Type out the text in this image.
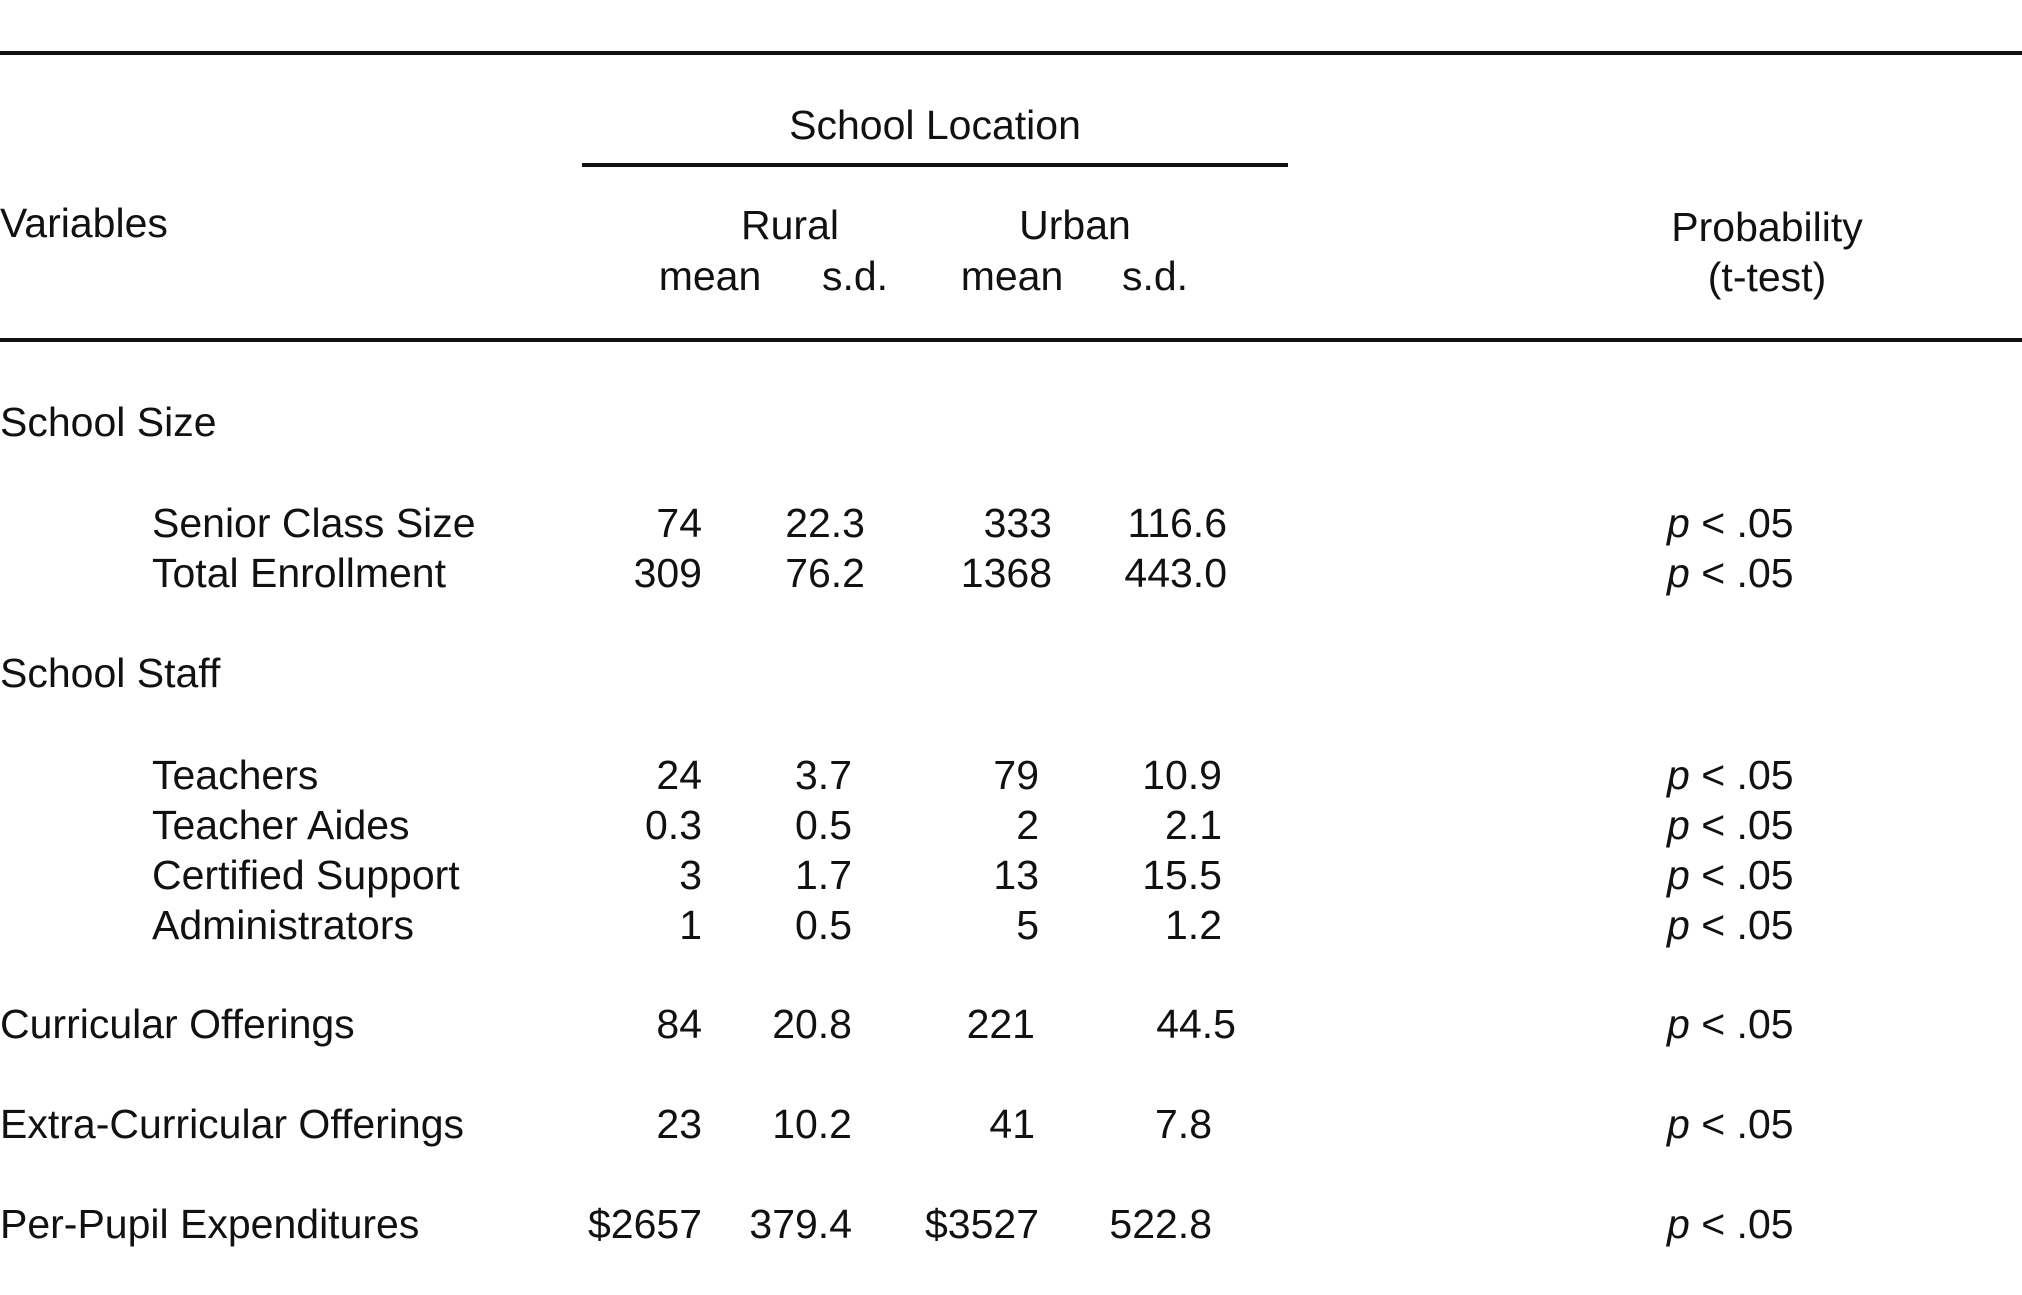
School Location
Variables	Rural	Urban
mean s.d. mean s.d.
Probability
(t-test)
School Size
Senior Class Size	74 22.3	333 116.6	p < .05
Total Enrollment	309 76.2 1368 443.0	p < .05
School Staff
Teachers	24 3.7	79	10.9	p < .05
Teacher Aides	0.3 0.5	2	2.1	p < .05
Certified Support	3 1.7	13	15.5	p < .05
Administrators	1 0.5	5	1.2	p < .05
Curricular Offerings	84 20.8	221	44.5	p < .05
Extra-Curricular Offerings	23 10.2	41	7.8	p < .05
Per-Pupil Expenditures	$2657 379.4 $3527 522.8	p < .05
